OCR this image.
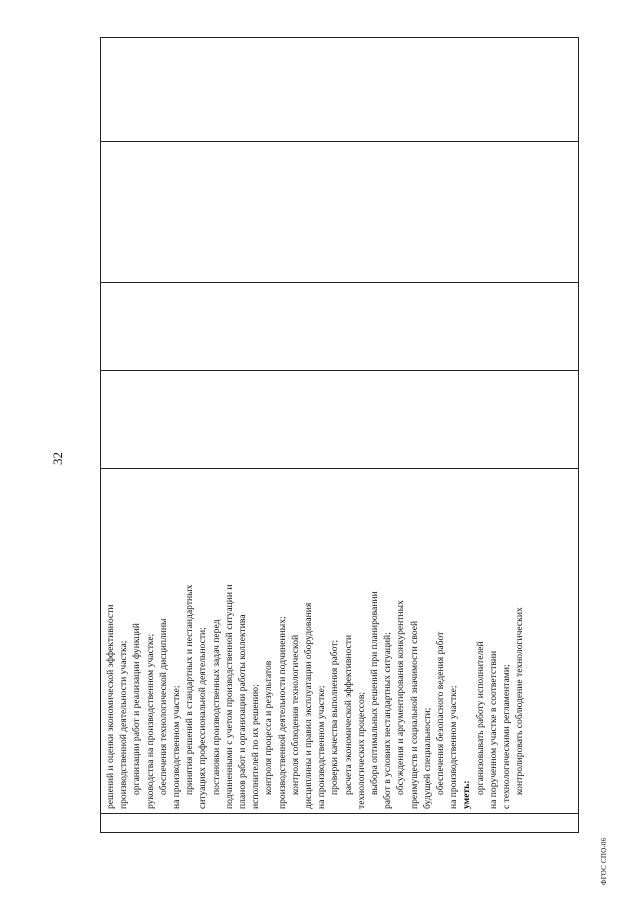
32

решений и оценки экономической эффективности производственной деятельности участка; организации работ и реализации функций руководства на производственном участке; обеспечения технологической дисциплины на производственном участке; принятия решений в стандартных и нестандартных ситуациях профессиональной деятельности; постановки производственных задач перед подчиненными с учетом производственной ситуации и планов работ и организации работы коллектива исполнителей по их решению; контроля процесса и результатов производственной деятельности подчиненных; контроля соблюдения технологической дисциплины и правил эксплуатации оборудования на производственном участке; проверки качества выполнения работ; расчета экономической эффективности технологических процессов; выбора оптимальных решений при планировании работ в условиях нестандартных ситуаций; обсуждения и аргументирования конкурентных преимуществ и социальной значимости своей будущей специальности; обеспечения безопасного ведения работ на производственном участке; уметь: организовывать работу исполнителей на порученном участке в соответствии с технологическими регламентами; контролировать соблюдение технологических

ФГОС СПО-06
